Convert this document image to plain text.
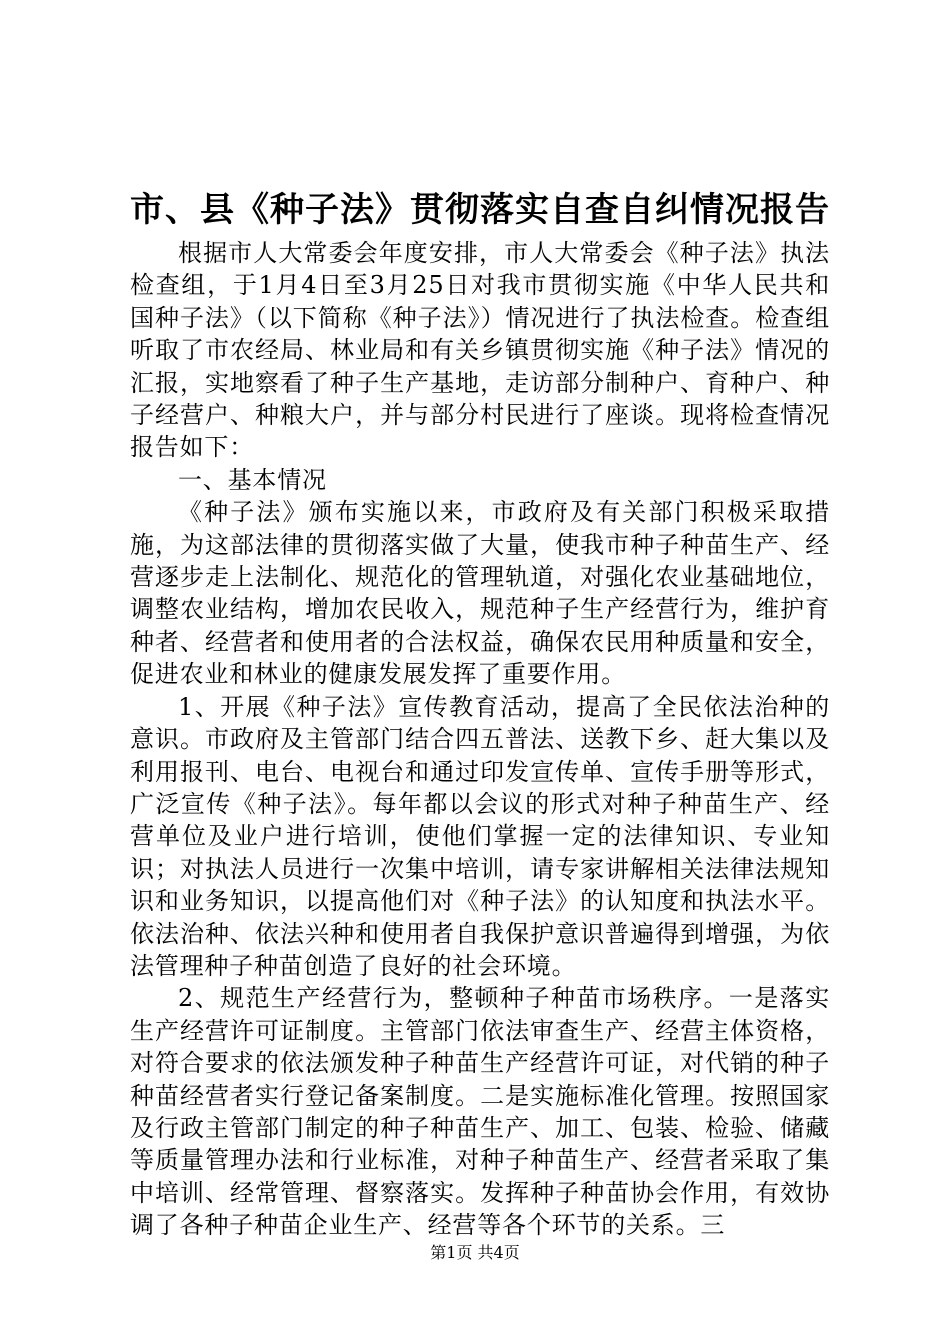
市、县《种子法》贯彻落实自查自纠情况报告

根据市人大常委会年度安排，市人大常委会《种子法》执法检查组，于1月4日至3月25日对我市贯彻实施《中华人民共和国种子法》（以下简称《种子法》）情况进行了执法检查。检查组听取了市农经局、林业局和有关乡镇贯彻实施《种子法》情况的汇报，实地察看了种子生产基地，走访部分制种户、育种户、种子经营户、种粮大户，并与部分村民进行了座谈。现将检查情况报告如下：

一、基本情况

《种子法》颁布实施以来，市政府及有关部门积极采取措施，为这部法律的贯彻落实做了大量，使我市种子种苗生产、经营逐步走上法制化、规范化的管理轨道，对强化农业基础地位，调整农业结构，增加农民收入，规范种子生产经营行为，维护育种者、经营者和使用者的合法权益，确保农民用种质量和安全，促进农业和林业的健康发展发挥了重要作用。

1、开展《种子法》宣传教育活动，提高了全民依法治种的意识。市政府及主管部门结合四五普法、送教下乡、赶大集以及利用报刊、电台、电视台和通过印发宣传单、宣传手册等形式，广泛宣传《种子法》。每年都以会议的形式对种子种苗生产、经营单位及业户进行培训，使他们掌握一定的法律知识、专业知识；对执法人员进行一次集中培训，请专家讲解相关法律法规知识和业务知识，以提高他们对《种子法》的认知度和执法水平。依法治种、依法兴种和使用者自我保护意识普遍得到增强，为依法管理种子种苗创造了良好的社会环境。

2、规范生产经营行为，整顿种子种苗市场秩序。一是落实生产经营许可证制度。主管部门依法审查生产、经营主体资格，对符合要求的依法颁发种子种苗生产经营许可证，对代销的种子种苗经营者实行登记备案制度。二是实施标准化管理。按照国家及行政主管部门制定的种子种苗生产、加工、包装、检验、储藏等质量管理办法和行业标准，对种子种苗生产、经营者采取了集中培训、经常管理、督察落实。发挥种子种苗协会作用，有效协调了各种子种苗企业生产、经营等各个环节的关系。三

第1页 共4页
